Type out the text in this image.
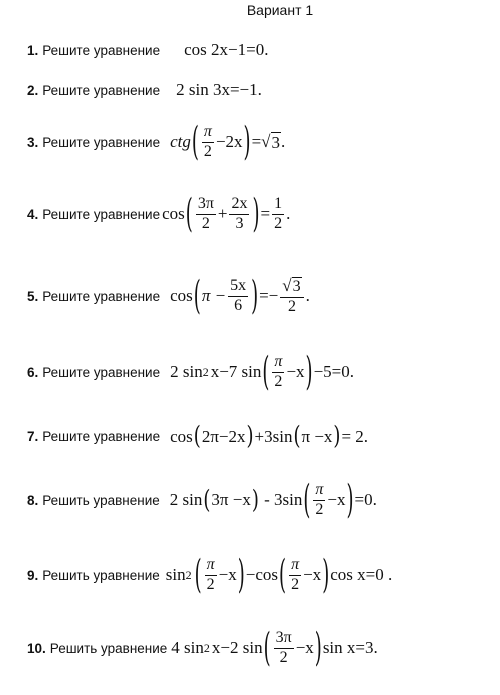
Вариант 1
1. Решите уравнение cos 2x−1=0.
2. Решите уравнение 2 sin 3x=−1.
3. Решите уравнение ctg ( $\frac{\pi}{2} -2x$ ) = √ 3 .
4. Решите уравнение cos ( $\frac{3\pi}{2} + \frac{2x}{3}$ ) = $\frac{1}{2}$ .
5. Решите уравнение cos ( $\pi - \frac{5x}{6}$ ) =− $\frac{√3}{2}$ .
6. Решите уравнение 2 sin 2 x−7 sin ( $\frac{\pi}{2} -x$ ) −5=0.
7. Решите уравнение cos ( 2π−2x ) +3sin ( π −x ) = 2.
8. Решить уравнение 2 sin ( 3π −x ) - 3sin ( $\frac{\pi}{2} -x$ ) =0.
9. Решить уравнение sin 2 ( $\frac{\pi}{2} -x$ ) −cos ( $\frac{\pi}{2} -x$ ) cos x=0 .
10. Решить уравнение 4 sin 2 x−2 sin ( $\frac{3\pi}{2} -x$ ) sin x=3.
